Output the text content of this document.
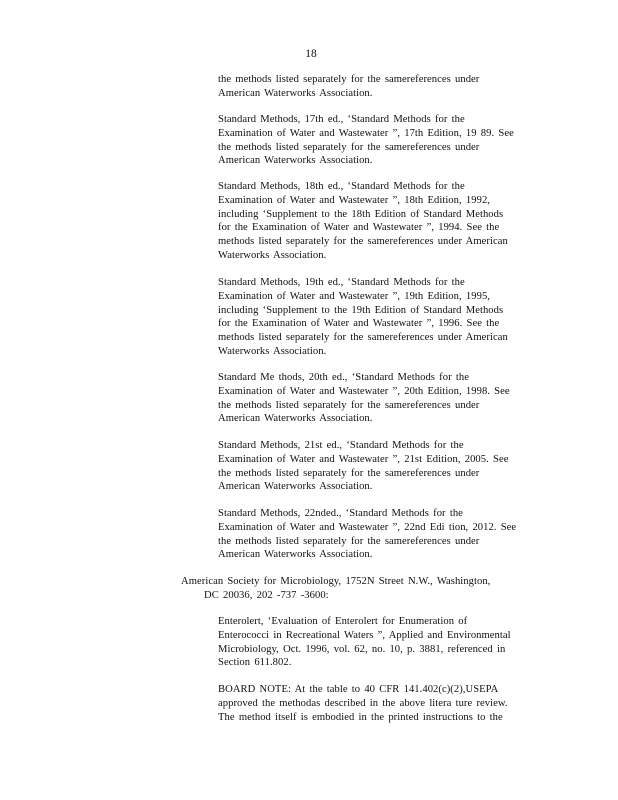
18

the methods listed separately for the samereferences under
American Waterworks Association.

Standard Methods, 17th ed., ‘Standard Methods for the
Examination of Water and Wastewater ”, 17th Edition, 19 89. See
the methods listed separately for the samereferences under
American Waterworks Association.

Standard Methods, 18th ed., ‘Standard Methods for the
Examination of Water and Wastewater ”, 18th Edition, 1992,
including ‘Supplement to the 18th Edition of Standard Methods
for the Examination of Water and Wastewater ”, 1994. See the
methods listed separately for the samereferences under American
Waterworks Association.

Standard Methods, 19th ed., ‘Standard Methods for the
Examination of Water and Wastewater ”, 19th Edition, 1995,
including ‘Supplement to the 19th Edition of Standard Methods
for the Examination of Water and Wastewater ”, 1996. See the
methods listed separately for the samereferences under American
Waterworks Association.

Standard Me thods, 20th ed., ‘Standard Methods for the
Examination of Water and Wastewater ”, 20th Edition, 1998. See
the methods listed separately for the samereferences under
American Waterworks Association.

Standard Methods, 21st ed., ‘Standard Methods for the
Examination of Water and Wastewater ”, 21st Edition, 2005. See
the methods listed separately for the samereferences under
American Waterworks Association.

Standard Methods, 22nded., ‘Standard Methods for the
Examination of Water and Wastewater ”, 22nd Edi tion, 2012. See
the methods listed separately for the samereferences under
American Waterworks Association.

American Society for Microbiology, 1752N Street N.W., Washington,

DC 20036, 202 -737 -3600:

Enterolert, ‘Evaluation of Enterolert for Enumeration of
Enterococci in Recreational Waters ”, Applied and Environmental
Microbiology, Oct. 1996, vol. 62, no. 10, p. 3881, referenced in
Section 611.802.

BOARD NOTE: At the table to 40 CFR 141.402(c)(2),USEPA
approved the methodas described in the above litera ture review.
The method itself is embodied in the printed instructions to the
